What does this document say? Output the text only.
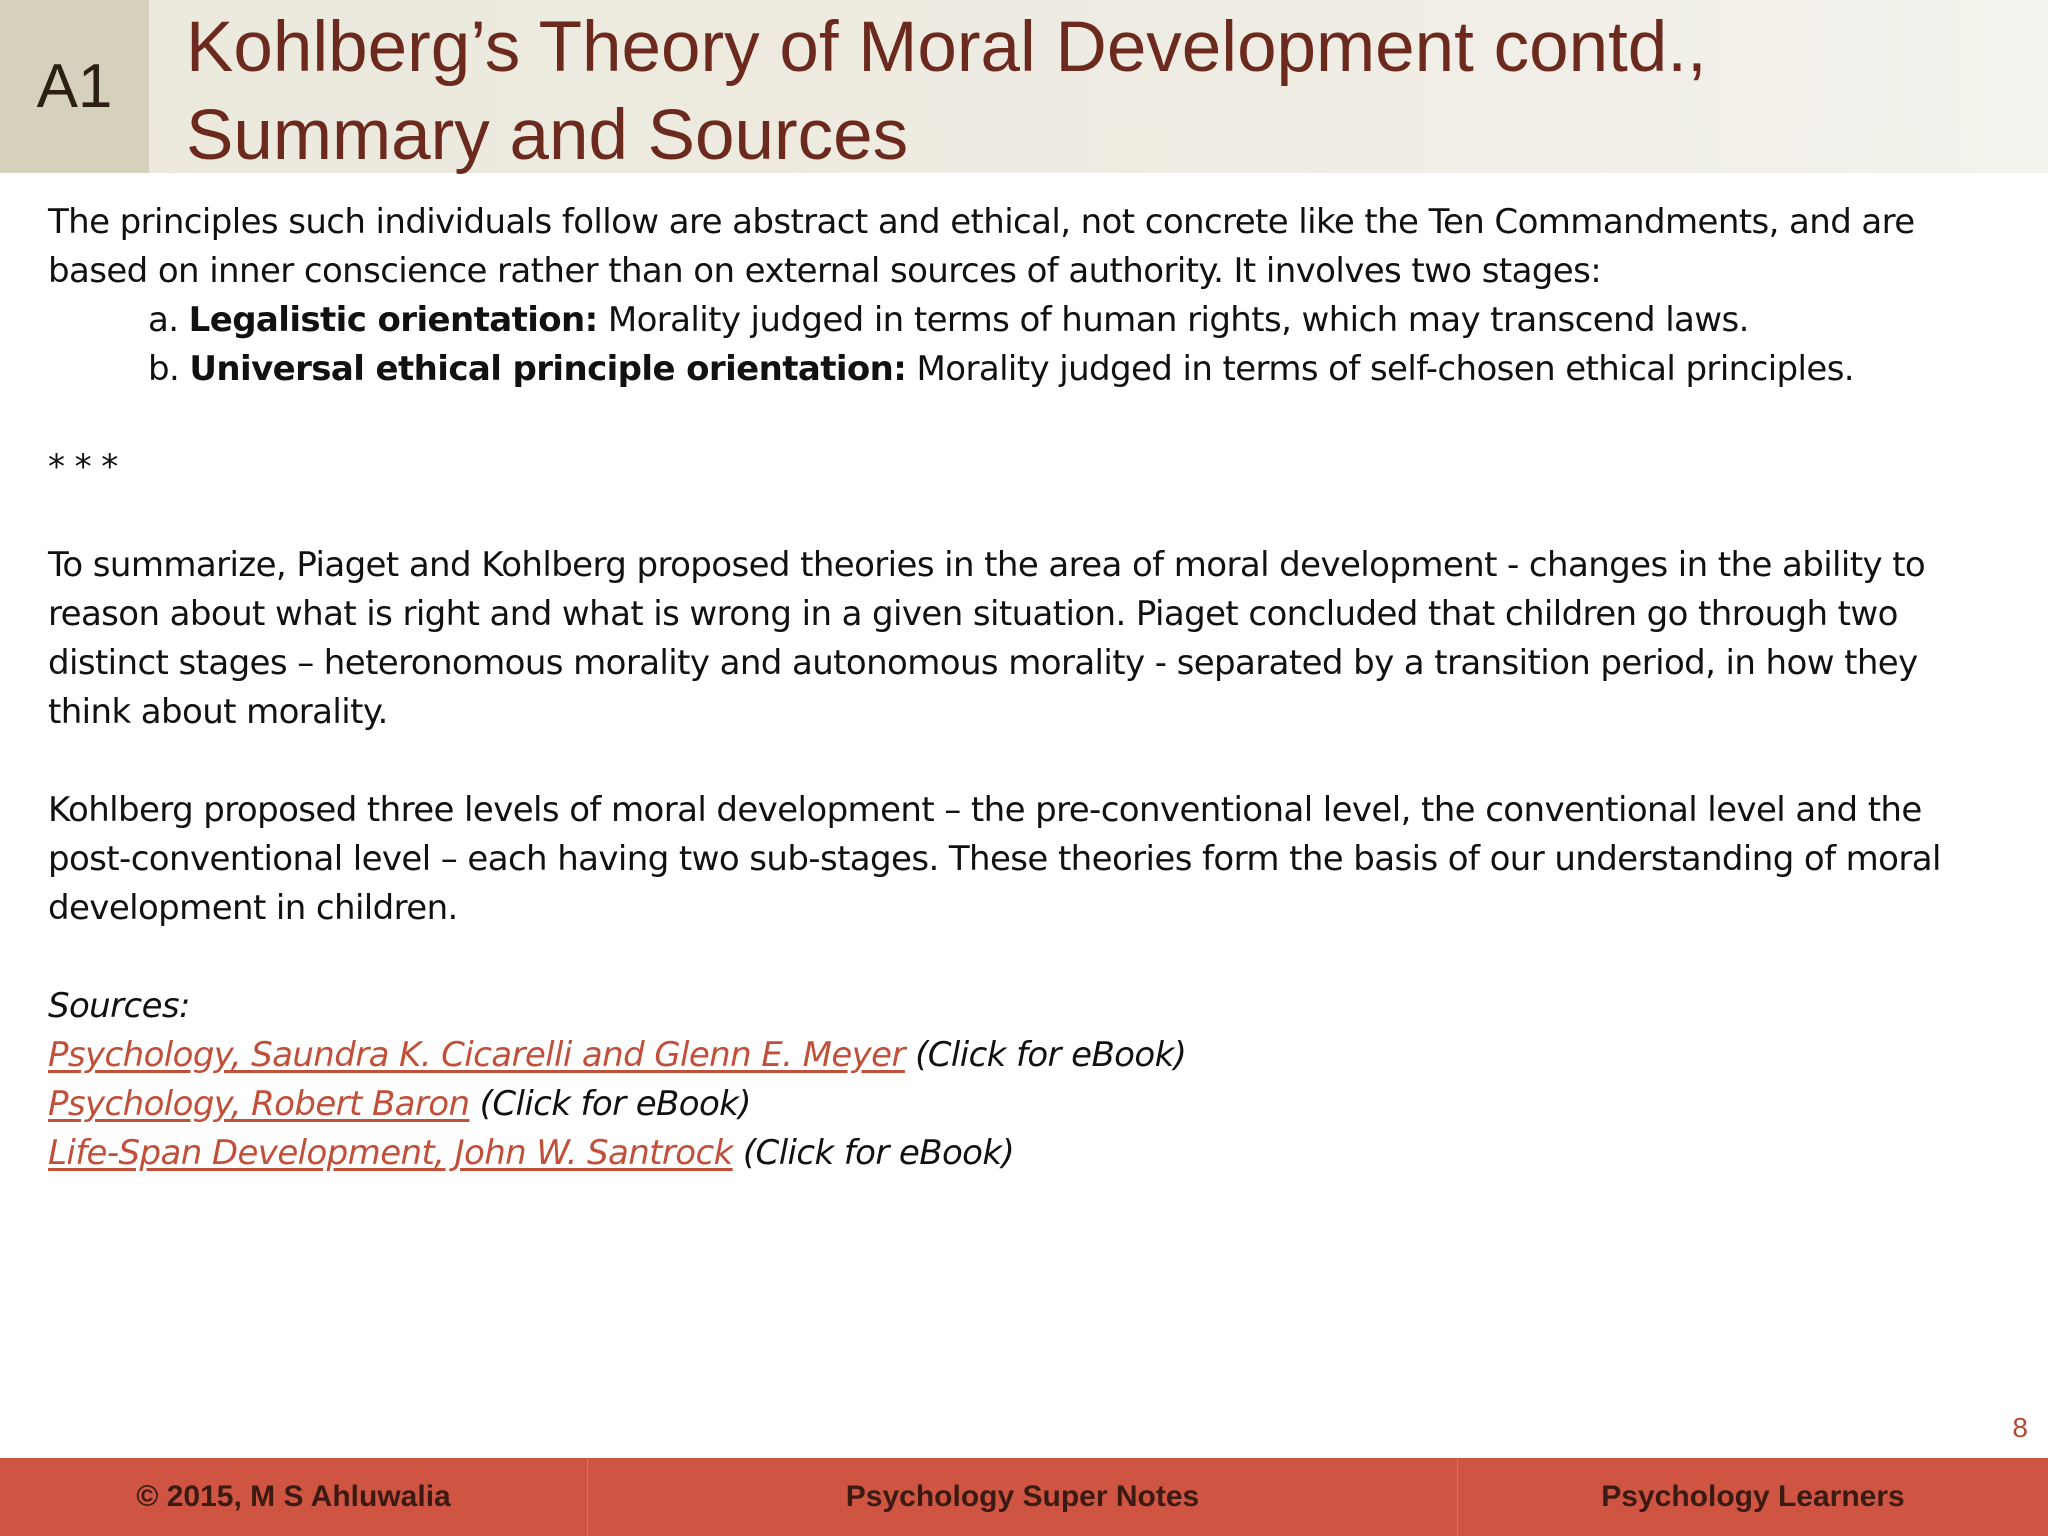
A1	Kohlberg’s Theory of Moral Development contd.,
Summary and Sources

The principles such individuals follow are abstract and ethical, not concrete like the Ten Commandments, and are
based on inner conscience rather than on external sources of authority. It involves two stages:

a. Legalistic orientation: Morality judged in terms of human rights, which may transcend laws.

b. Universal ethical principle orientation: Morality judged in terms of self-chosen ethical principles.

* * *

To summarize, Piaget and Kohlberg proposed theories in the area of moral development - changes in the ability to
reason about what is right and what is wrong in a given situation. Piaget concluded that children go through two
distinct stages – heteronomous morality and autonomous morality - separated by a transition period, in how they
think about morality.

Kohlberg proposed three levels of moral development – the pre-conventional level, the conventional level and the
post-conventional level – each having two sub-stages. These theories form the basis of our understanding of moral
development in children.

Sources:

Psychology, Saundra K. Cicarelli and Glenn E. Meyer (Click for eBook)

Psychology, Robert Baron (Click for eBook)

Life-Span Development, John W. Santrock (Click for eBook)

8
© 2015, M S Ahluwalia	Psychology Super Notes	Psychology Learners
